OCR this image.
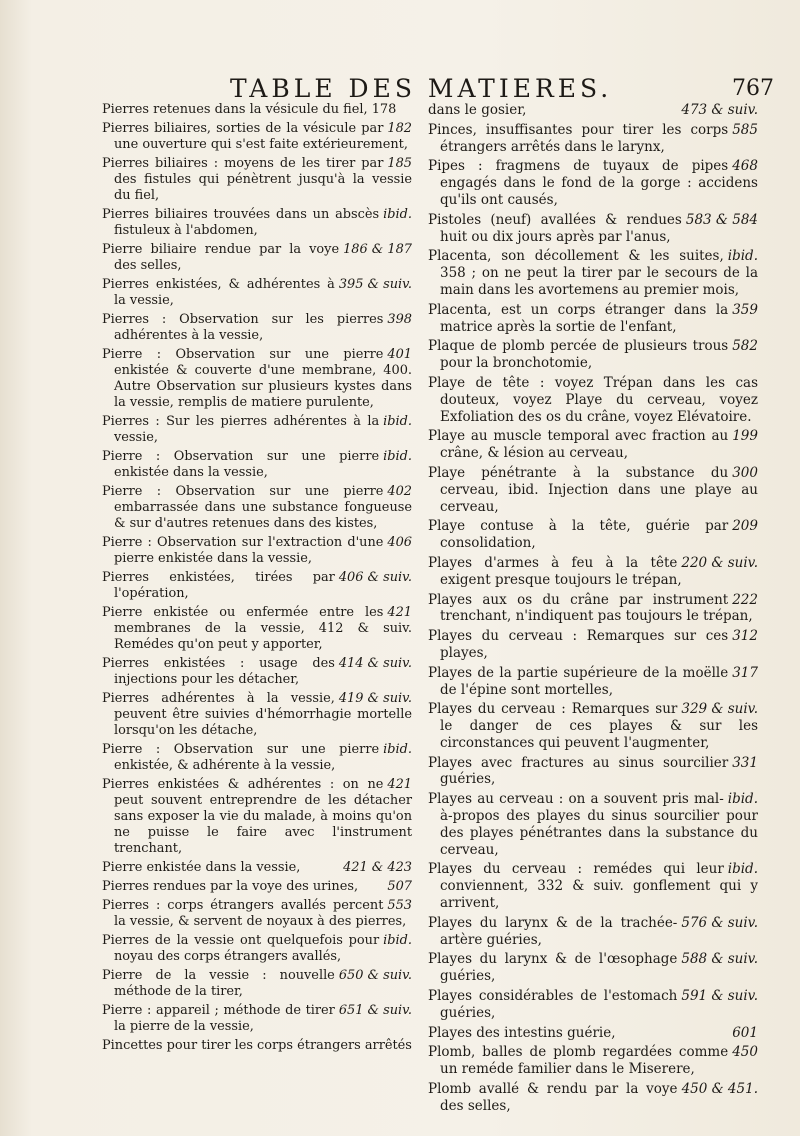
TABLE DES MATIERES.	767
Pierres retenues dans la vésicule du fiel, 178
182
Pierres biliaires, sorties de la vésicule par une ouverture qui s'est faite extérieurement,
185
Pierres biliaires : moyens de les tirer par des fistules qui pénètrent jusqu'à la vessie du fiel,
ibid.
Pierres biliaires trouvées dans un abscès fistuleux à l'abdomen,
186 & 187
Pierre biliaire rendue par la voye des selles,
395 & suiv.
Pierres enkistées, & adhérentes à la vessie,
398
Pierres : Observation sur les pierres adhérentes à la vessie,
401
Pierre : Observation sur une pierre enkistée & couverte d'une membrane, 400. Autre Observation sur plusieurs kystes dans la vessie, remplis de matiere purulente,
ibid.
Pierres : Sur les pierres adhérentes à la vessie,
ibid.
Pierre : Observation sur une pierre enkistée dans la vessie,
402
Pierre : Observation sur une pierre embarrassée dans une substance fongueuse & sur d'autres retenues dans des kistes,
406
Pierre : Observation sur l'extraction d'une pierre enkistée dans la vessie,
406 & suiv.
Pierres enkistées, tirées par l'opération,
421
Pierre enkistée ou enfermée entre les membranes de la vessie, 412 & suiv. Remédes qu'on peut y apporter,
414 & suiv.
Pierres enkistées : usage des injections pour les détacher,
419 & suiv.
Pierres adhérentes à la vessie, peuvent être suivies d'hémorrhagie mortelle lorsqu'on les détache,
ibid.
Pierre : Observation sur une pierre enkistée, & adhérente à la vessie,
421
Pierres enkistées & adhérentes : on ne peut souvent entreprendre de les détacher sans exposer la vie du malade, à moins qu'on ne puisse le faire avec l'instrument trenchant,
421 & 423
Pierre enkistée dans la vessie,
507
Pierres rendues par la voye des urines,
553
Pierres : corps étrangers avallés percent la vessie, & servent de noyaux à des pierres,
ibid.
Pierres de la vessie ont quelquefois pour noyau des corps étrangers avallés,
650 & suiv.
Pierre de la vessie : nouvelle méthode de la tirer,
651 & suiv.
Pierre : appareil ; méthode de tirer la pierre de la vessie,
Pincettes pour tirer les corps étrangers arrêtés
473 & suiv.
dans le gosier,
585
Pinces, insuffisantes pour tirer les corps étrangers arrêtés dans le larynx,
468
Pipes : fragmens de tuyaux de pipes engagés dans le fond de la gorge : accidens qu'ils ont causés,
583 & 584
Pistoles (neuf) avallées & rendues huit ou dix jours après par l'anus,
ibid.
Placenta, son décollement & les suites, 358 ; on ne peut la tirer par le secours de la main dans les avortemens au premier mois,
359
Placenta, est un corps étranger dans la matrice après la sortie de l'enfant,
582
Plaque de plomb percée de plusieurs trous pour la bronchotomie,
Playe de tête : voyez Trépan dans les cas douteux, voyez Playe du cerveau, voyez Exfoliation des os du crâne, voyez Elévatoire.
199
Playe au muscle temporal avec fraction au crâne, & lésion au cerveau,
300
Playe pénétrante à la substance du cerveau, ibid. Injection dans une playe au cerveau,
209
Playe contuse à la tête, guérie par consolidation,
220 & suiv.
Playes d'armes à feu à la tête exigent presque toujours le trépan,
222
Playes aux os du crâne par instrument trenchant, n'indiquent pas toujours le trépan,
312
Playes du cerveau : Remarques sur ces playes,
317
Playes de la partie supérieure de la moëlle de l'épine sont mortelles,
329 & suiv.
Playes du cerveau : Remarques sur le danger de ces playes & sur les circonstances qui peuvent l'augmenter,
331
Playes avec fractures au sinus sourcilier guéries,
ibid.
Playes au cerveau : on a souvent pris mal-à-propos des playes du sinus sourcilier pour des playes pénétrantes dans la substance du cerveau,
ibid.
Playes du cerveau : remédes qui leur conviennent, 332 & suiv. gonflement qui y arrivent,
576 & suiv.
Playes du larynx & de la trachée-artère guéries,
588 & suiv.
Playes du larynx & de l'œsophage guéries,
591 & suiv.
Playes considérables de l'estomach guéries,
601
Playes des intestins guérie,
450
Plomb, balles de plomb regardées comme un reméde familier dans le Miserere,
450 & 451.
Plomb avallé & rendu par la voye des selles,
